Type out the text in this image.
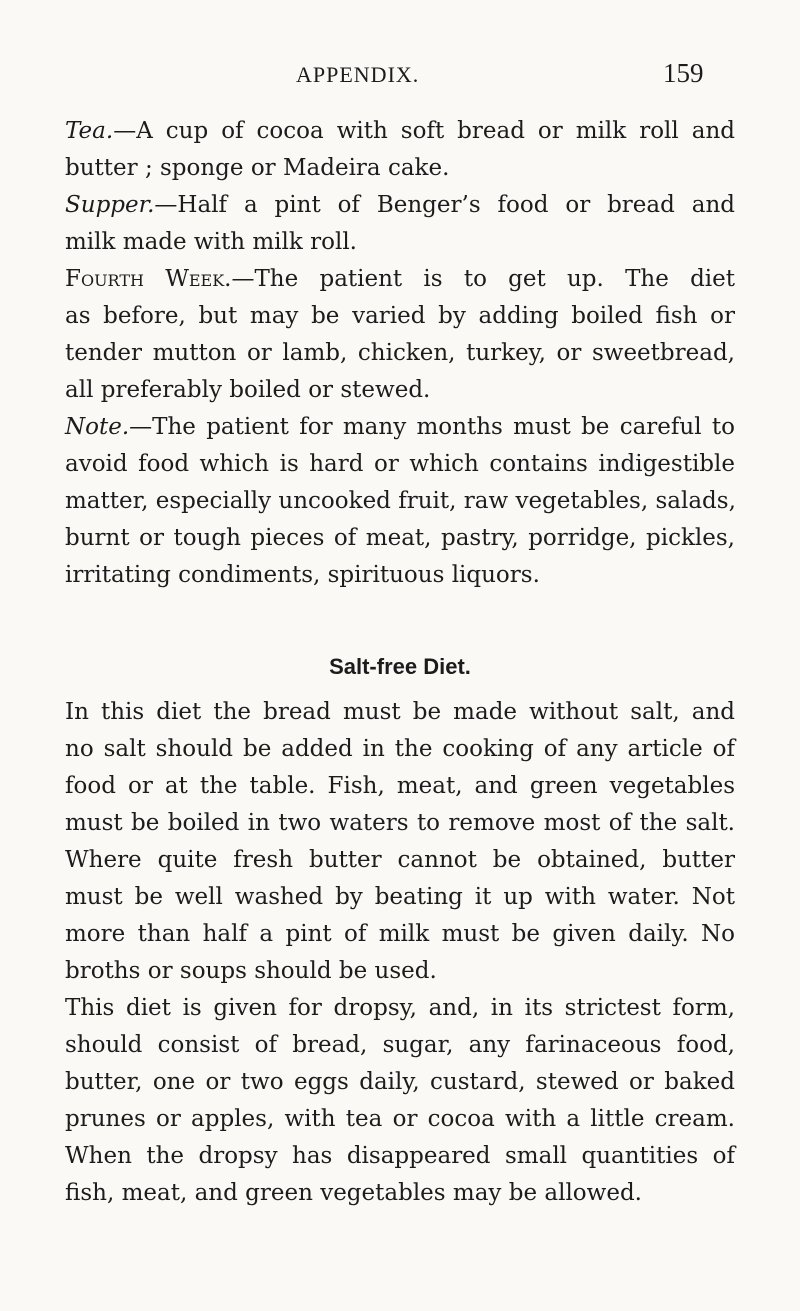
APPENDIX.	159
Tea.—A cup of cocoa with soft bread or milk roll and
butter ; sponge or Madeira cake.
Supper.—Half a pint of Benger’s food or bread and
milk made with milk roll.
Fourth Week.—The patient is to get up. The diet
as before, but may be varied by adding boiled fish or
tender mutton or lamb, chicken, turkey, or sweetbread,
all preferably boiled or stewed.
Note.—The patient for many months must be careful to
avoid food which is hard or which contains indigestible
matter, especially uncooked fruit, raw vegetables, salads,
burnt or tough pieces of meat, pastry, porridge, pickles,
irritating condiments, spirituous liquors.
Salt-free Diet.
In this diet the bread must be made without salt, and
no salt should be added in the cooking of any article of
food or at the table. Fish, meat, and green vegetables
must be boiled in two waters to remove most of the salt.
Where quite fresh butter cannot be obtained, butter
must be well washed by beating it up with water. Not
more than half a pint of milk must be given daily. No
broths or soups should be used.
This diet is given for dropsy, and, in its strictest form,
should consist of bread, sugar, any farinaceous food,
butter, one or two eggs daily, custard, stewed or baked
prunes or apples, with tea or cocoa with a little cream.
When the dropsy has disappeared small quantities of
fish, meat, and green vegetables may be allowed.
